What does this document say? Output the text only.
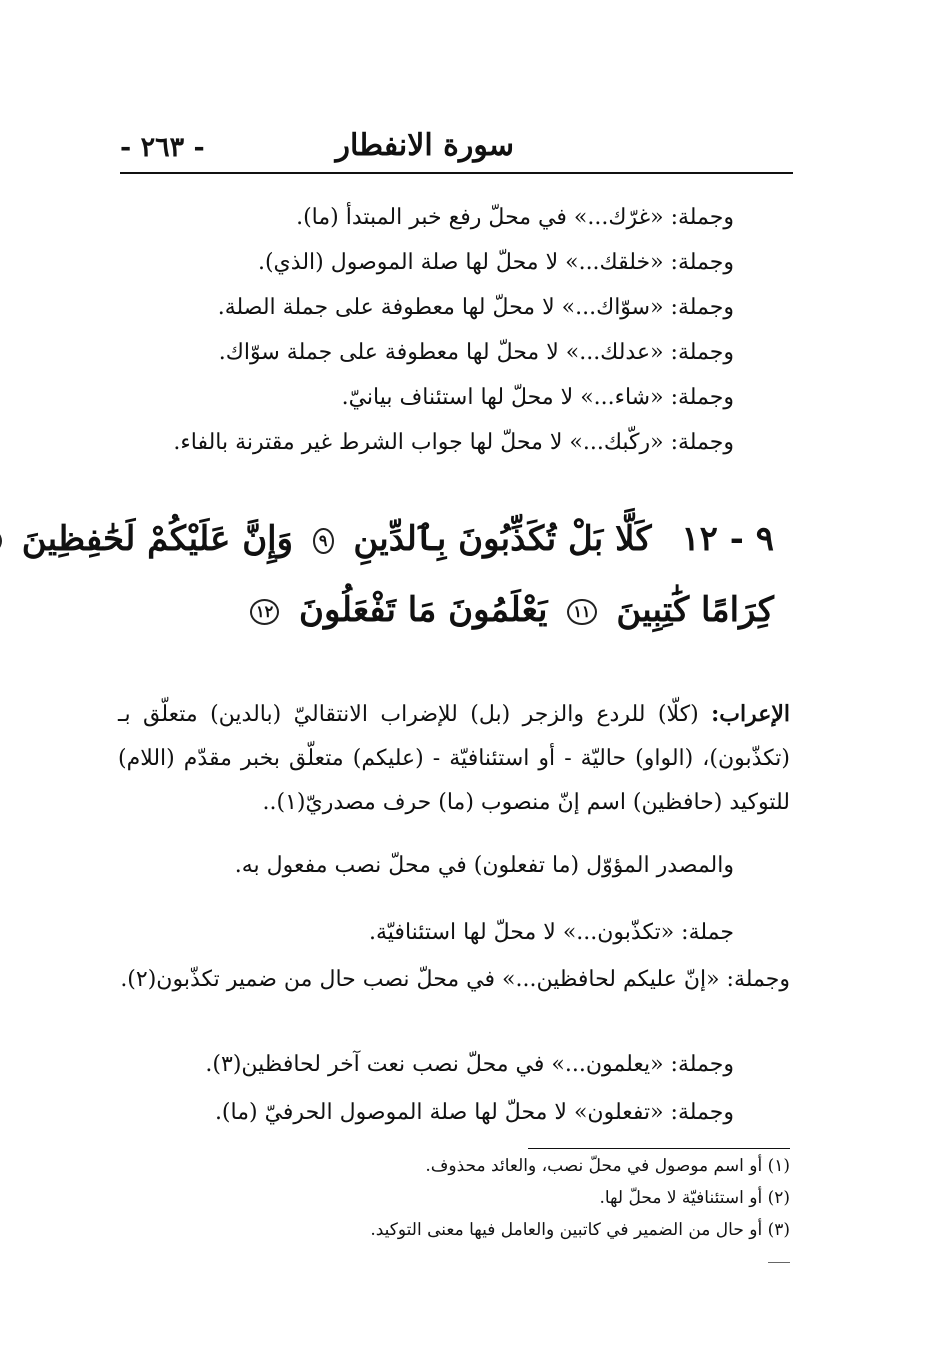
سورة الانفطار
- ٢٦٣ -
وجملة: «غرّك...» في محلّ رفع خبر المبتدأ (ما).
وجملة: «خلقك...» لا محلّ لها صلة الموصول (الذي).
وجملة: «سوّاك...» لا محلّ لها معطوفة على جملة الصلة.
وجملة: «عدلك...» لا محلّ لها معطوفة على جملة سوّاك.
وجملة: «شاء...» لا محلّ لها استئناف بيانيّ.
وجملة: «ركّبك...» لا محلّ لها جواب الشرط غير مقترنة بالفاء.
٩ - ١٢ كَلَّا بَلْ تُكَذِّبُونَ بِٱلدِّينِ ٩ وَإِنَّ عَلَيْكُمْ لَحَٰفِظِينَ
كِرَامًا كَٰتِبِينَ ١١ يَعْلَمُونَ مَا تَفْعَلُونَ ١٢
الإعراب: (كلّا) للردع والزجر (بل) للإضراب الانتقاليّ (بالدين) متعلّق بـ (تكذّبون)، (الواو) حاليّة - أو استئنافيّة - (عليكم) متعلّق بخبر مقدّم (اللام) للتوكيد (حافظين) اسم إنّ منصوب (ما) حرف مصدريّ(١)..
والمصدر المؤوّل (ما تفعلون) في محلّ نصب مفعول به.
جملة: «تكذّبون...» لا محلّ لها استئنافيّة.
وجملة: «إنّ عليكم لحافظين...» في محلّ نصب حال من ضمير تكذّبون(٢).
وجملة: «يعلمون...» في محلّ نصب نعت آخر لحافظين(٣).
وجملة: «تفعلون» لا محلّ لها صلة الموصول الحرفيّ (ما).
(١) أو اسم موصول في محلّ نصب، والعائد محذوف.
(٢) أو استئنافيّة لا محلّ لها.
(٣) أو حال من الضمير في كاتبين والعامل فيها معنى التوكيد.
